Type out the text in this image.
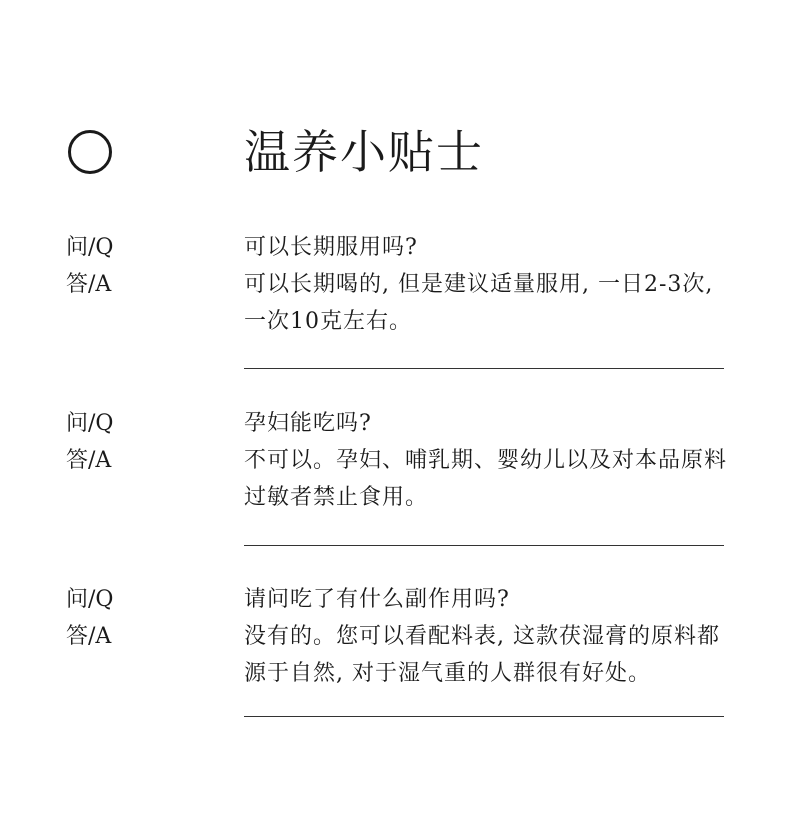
温养小贴士
问/Q
答/A
可以长期服用吗?
可以长期喝的, 但是建议适量服用, 一日2-3次, 一次10克左右。
问/Q
答/A
孕妇能吃吗?
不可以。孕妇、哺乳期、婴幼儿以及对本品原料过敏者禁止食用。
问/Q
答/A
请问吃了有什么副作用吗?
没有的。您可以看配料表, 这款茯湿膏的原料都源于自然, 对于湿气重的人群很有好处。
